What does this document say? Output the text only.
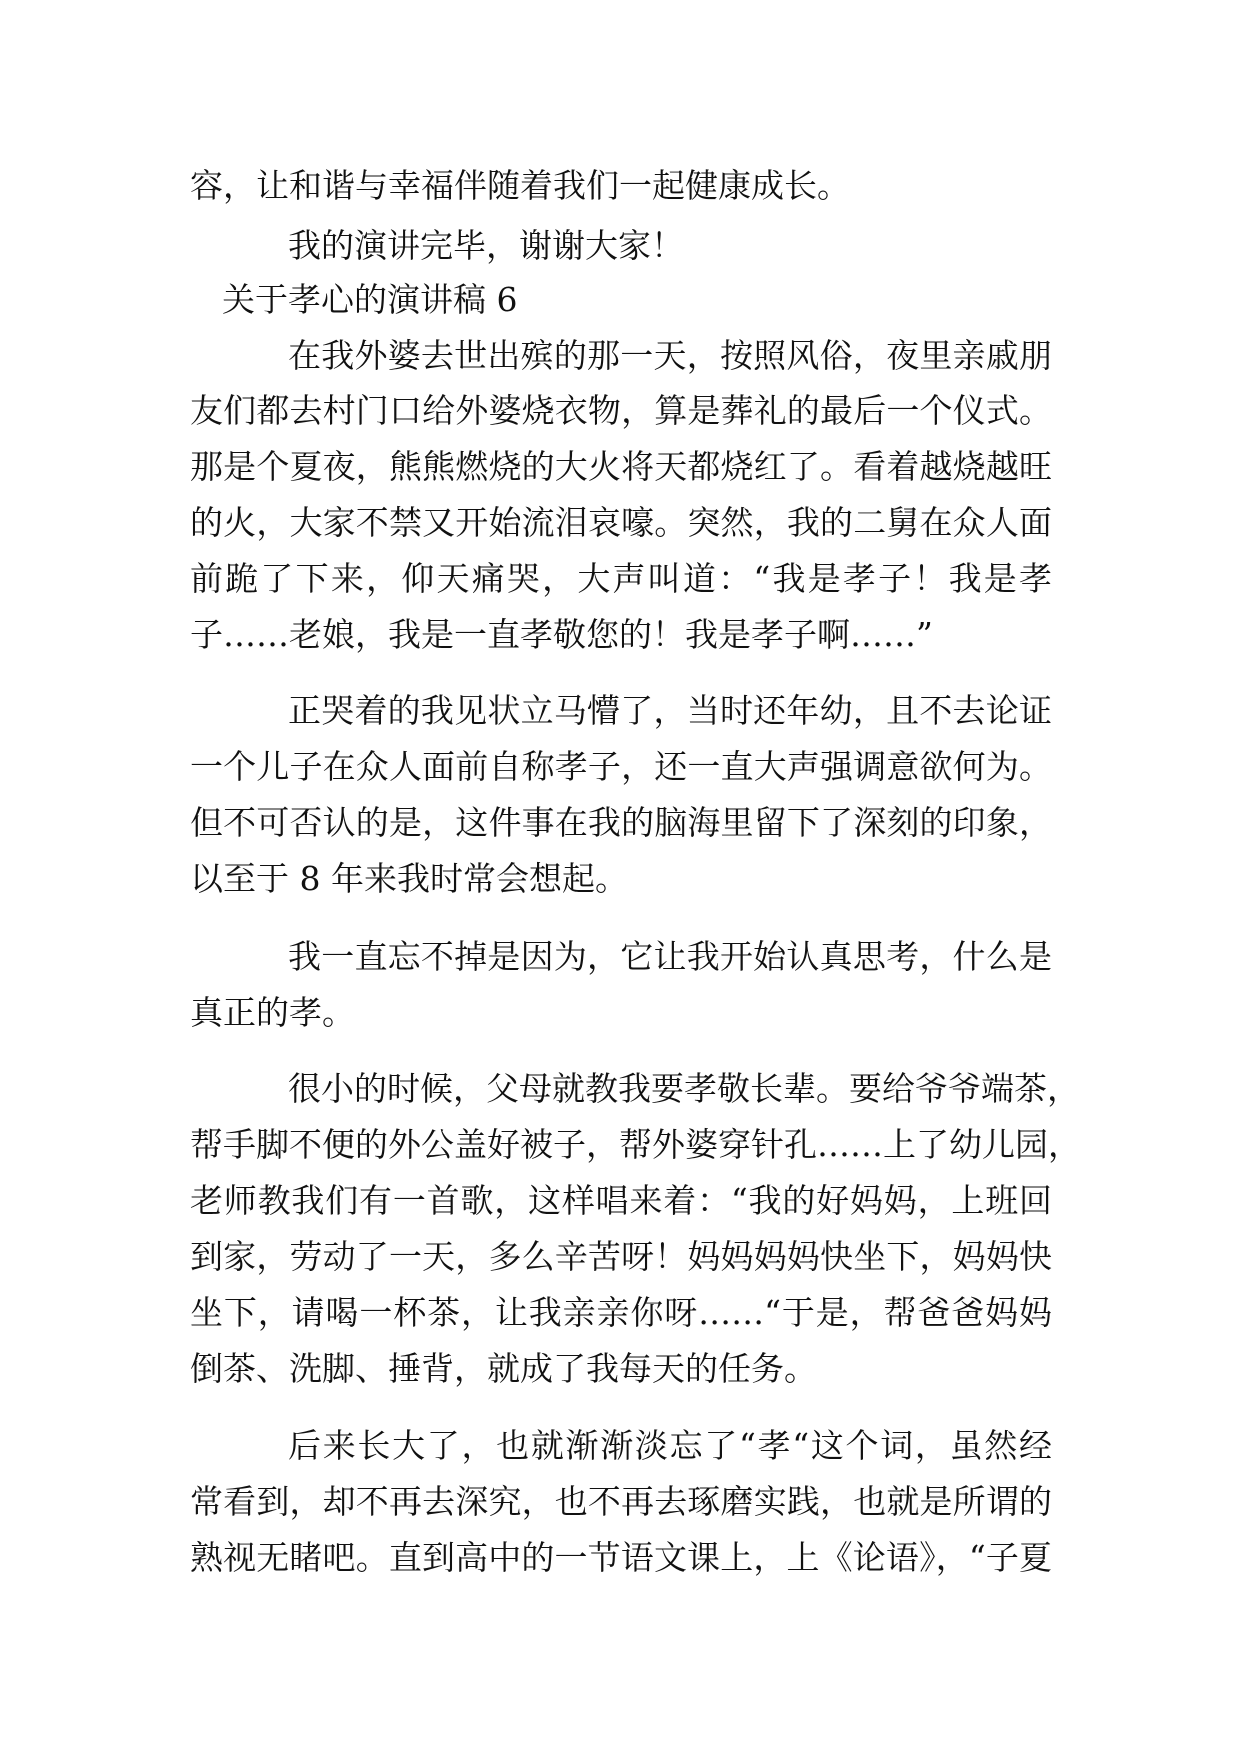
容，让和谐与幸福伴随着我们一起健康成长。

我的演讲完毕，谢谢大家！

关于孝心的演讲稿 6

在我外婆去世出殡的那一天，按照风俗，夜里亲戚朋

友们都去村门口给外婆烧衣物，算是葬礼的最后一个仪式。

那是个夏夜，熊熊燃烧的大火将天都烧红了。看着越烧越旺

的火，大家不禁又开始流泪哀嚎。突然，我的二舅在众人面

前跪了下来，仰天痛哭，大声叫道：“我是孝子！我是孝

子……老娘，我是一直孝敬您的！我是孝子啊……”

正哭着的我见状立马懵了，当时还年幼，且不去论证

一个儿子在众人面前自称孝子，还一直大声强调意欲何为。

但不可否认的是，这件事在我的脑海里留下了深刻的印象，

以至于 8 年来我时常会想起。

我一直忘不掉是因为，它让我开始认真思考，什么是

真正的孝。

很小的时候，父母就教我要孝敬长辈。要给爷爷端茶，

帮手脚不便的外公盖好被子，帮外婆穿针孔……上了幼儿园，

老师教我们有一首歌，这样唱来着：“我的好妈妈，上班回

到家，劳动了一天，多么辛苦呀！妈妈妈妈快坐下，妈妈快

坐下，请喝一杯茶，让我亲亲你呀……“于是，帮爸爸妈妈

倒茶、洗脚、捶背，就成了我每天的任务。

后来长大了，也就渐渐淡忘了“孝“这个词，虽然经

常看到，却不再去深究，也不再去琢磨实践，也就是所谓的

熟视无睹吧。直到高中的一节语文课上，上《论语》，“子夏
